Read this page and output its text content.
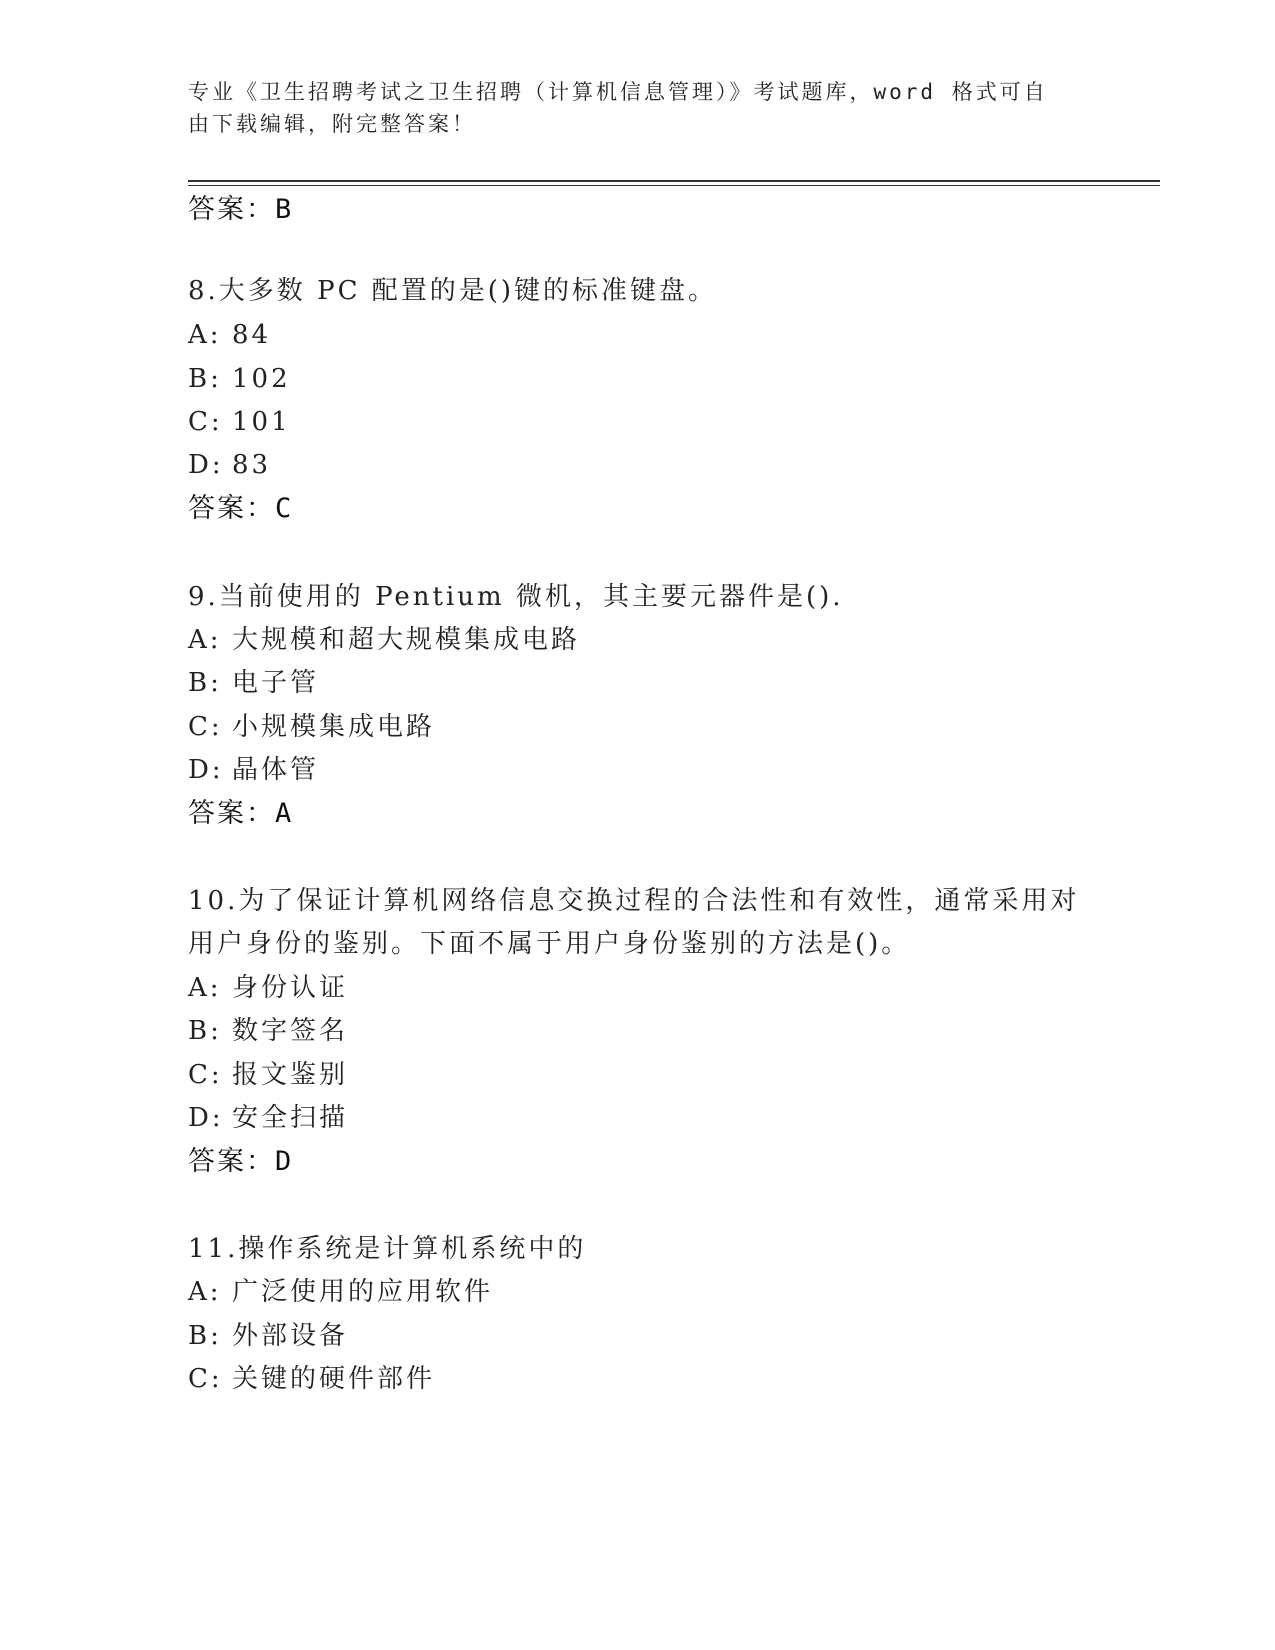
专业《卫生招聘考试之卫生招聘（计算机信息管理）》考试题库，word 格式可自
由下载编辑，附完整答案！
答案：B
8.大多数 PC 配置的是()键的标准键盘。
A: 84
B: 102
C: 101
D: 83
答案：C
9.当前使用的 Pentium 微机，其主要元器件是().
A: 大规模和超大规模集成电路
B: 电子管
C: 小规模集成电路
D: 晶体管
答案：A
10.为了保证计算机网络信息交换过程的合法性和有效性，通常采用对
用户身份的鉴别。下面不属于用户身份鉴别的方法是()。
A: 身份认证
B: 数字签名
C: 报文鉴别
D: 安全扫描
答案：D
11.操作系统是计算机系统中的
A: 广泛使用的应用软件
B: 外部设备
C: 关键的硬件部件
